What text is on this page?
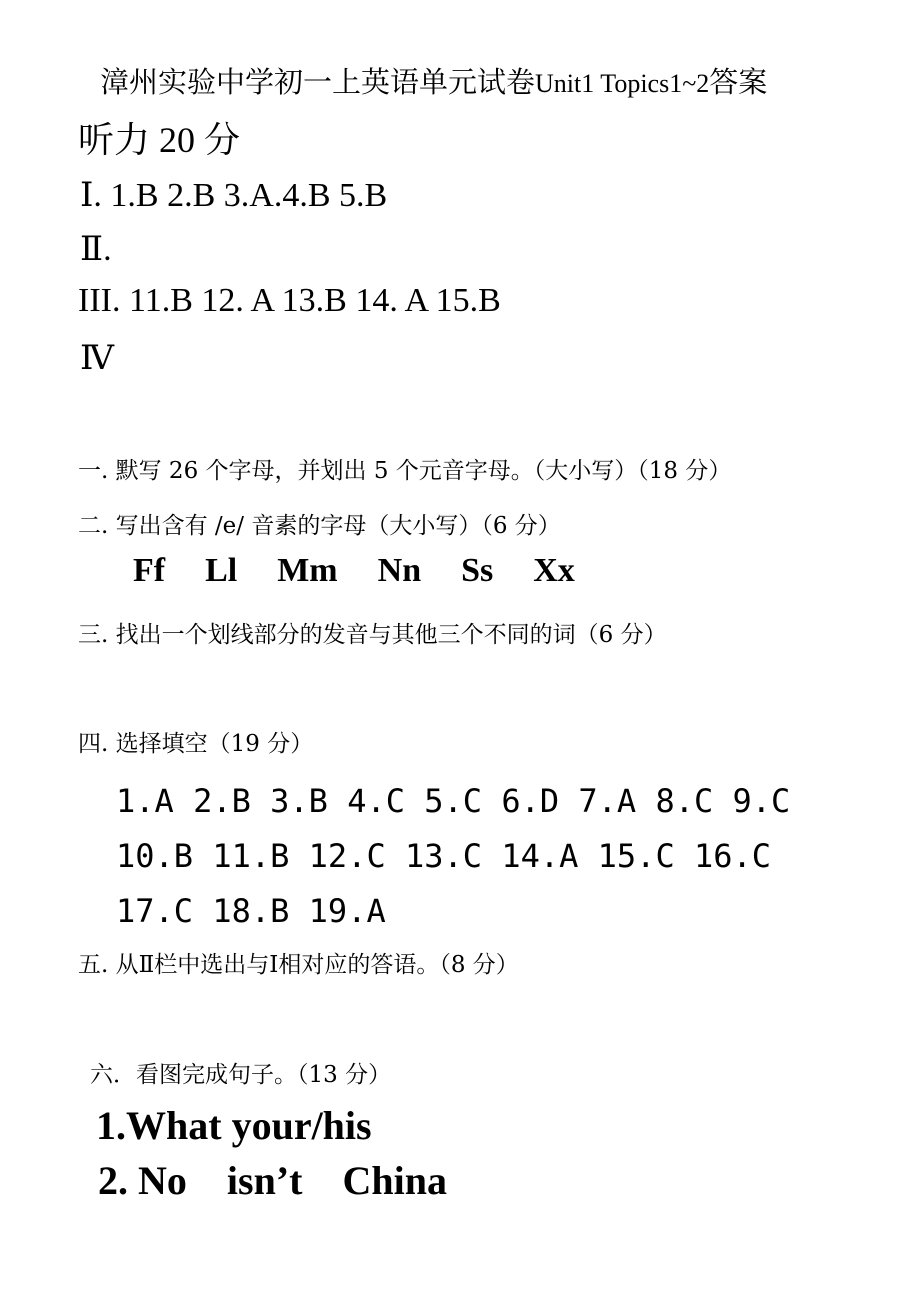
漳州实验中学初一上英语单元试卷Unit1 Topics1~2答案
听力 20 分
Ⅰ. 1.B 2.B 3.A.4.B 5.B
Ⅱ.
III. 11.B 12. A 13.B 14. A 15.B
Ⅳ
一. 默写 26 个字母，并划出 5 个元音字母。（大小写）（18 分）
二. 写出含有 /e/ 音素的字母（大小写）（6 分）
Ff Ll Mm Nn Ss Xx
三. 找出一个划线部分的发音与其他三个不同的词（6 分）
四. 选择填空（19 分）
1.A 2.B 3.B 4.C 5.C 6.D 7.A 8.C 9.C
10.B 11.B 12.C 13.C 14.A 15.C 16.C
17.C 18.B 19.A
五. 从Ⅱ栏中选出与Ⅰ相对应的答语。（8 分）
六．看图完成句子。（13 分）
1.What your/his
2. No    isn’t    China
